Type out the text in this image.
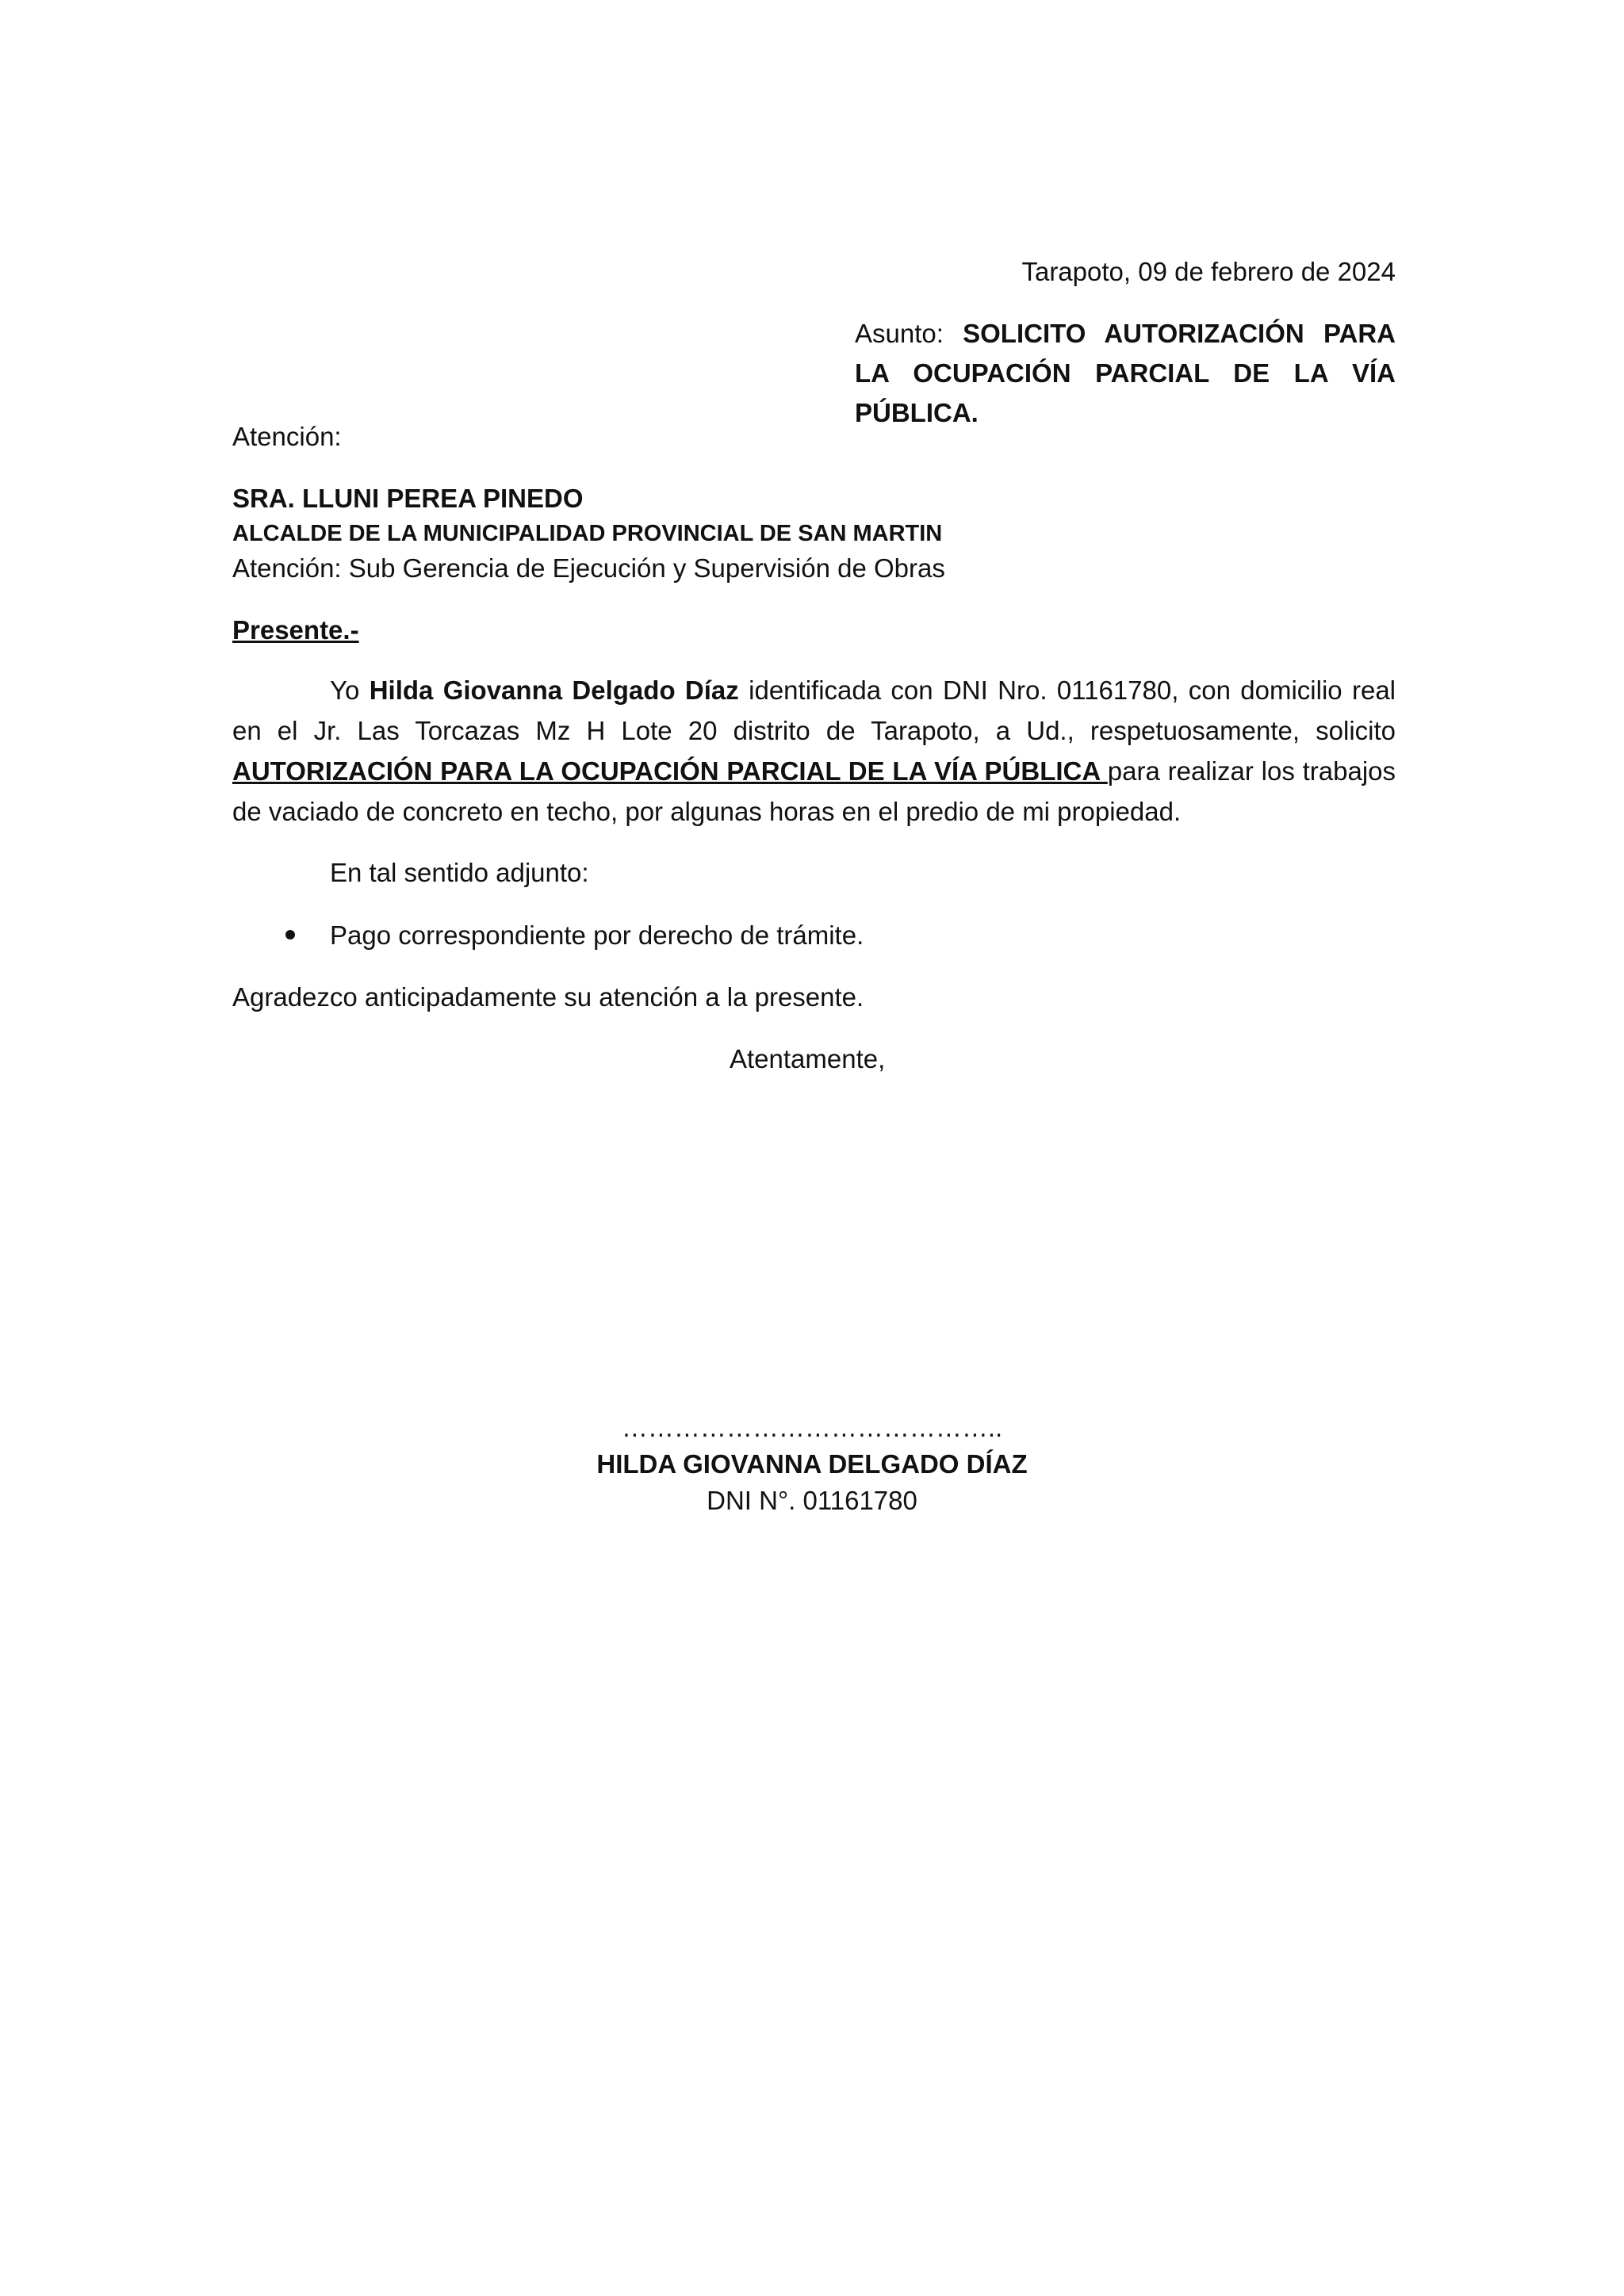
Tarapoto, 09 de febrero de 2024
Asunto: SOLICITO AUTORIZACIÓN PARA LA OCUPACIÓN PARCIAL DE LA VÍA PÚBLICA.
Atención:
SRA. LLUNI PEREA PINEDO
ALCALDE DE LA MUNICIPALIDAD PROVINCIAL DE SAN MARTIN
Atención: Sub Gerencia de Ejecución y Supervisión de Obras
Presente.-
Yo Hilda Giovanna Delgado Díaz identificada con DNI Nro. 01161780, con domicilio real en el Jr. Las Torcazas Mz H Lote 20 distrito de Tarapoto, a Ud., respetuosamente, solicito AUTORIZACIÓN PARA LA OCUPACIÓN PARCIAL DE LA VÍA PÚBLICA para realizar los trabajos de vaciado de concreto en techo, por algunas horas en el predio de mi propiedad.
En tal sentido adjunto:
Pago correspondiente por derecho de trámite.
Agradezco anticipadamente su atención a la presente.
Atentamente,
……………………………………..
HILDA GIOVANNA DELGADO DÍAZ
DNI N°. 01161780
